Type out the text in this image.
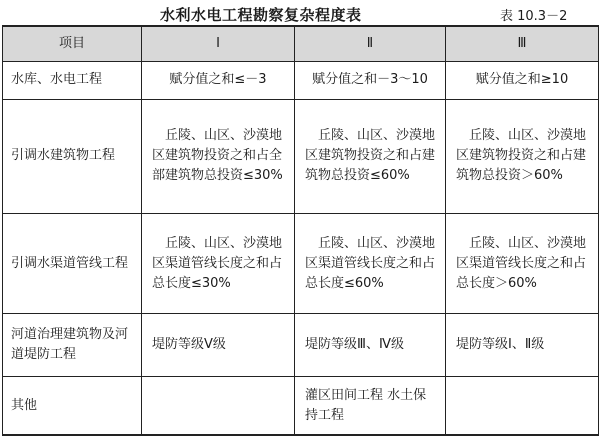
水利水电工程勘察复杂程度表	表 10.3－2
项目	Ⅰ	Ⅱ	Ⅲ
水库、水电工程	赋分值之和≤－3	赋分值之和－3～10	赋分值之和≥10
引调水建筑物工程	丘陵、山区、沙漠地区建筑物投资之和占全部建筑物总投资≤30%	丘陵、山区、沙漠地区建筑物投资之和占建筑物总投资≤60%	丘陵、山区、沙漠地区建筑物投资之和占建筑物总投资＞60%

引调水渠道管线工程	丘陵、山区、沙漠地区渠道管线长度之和占总长度≤30%	丘陵、山区、沙漠地区渠道管线长度之和占总长度≤60%	丘陵、山区、沙漠地区渠道管线长度之和占总长度＞60%

河道治理建筑物及河道堤防工程	堤防等级Ⅴ级	堤防等级Ⅲ、Ⅳ级	堤防等级Ⅰ、Ⅱ级
其他		灌区田间工程 水土保持工程	
